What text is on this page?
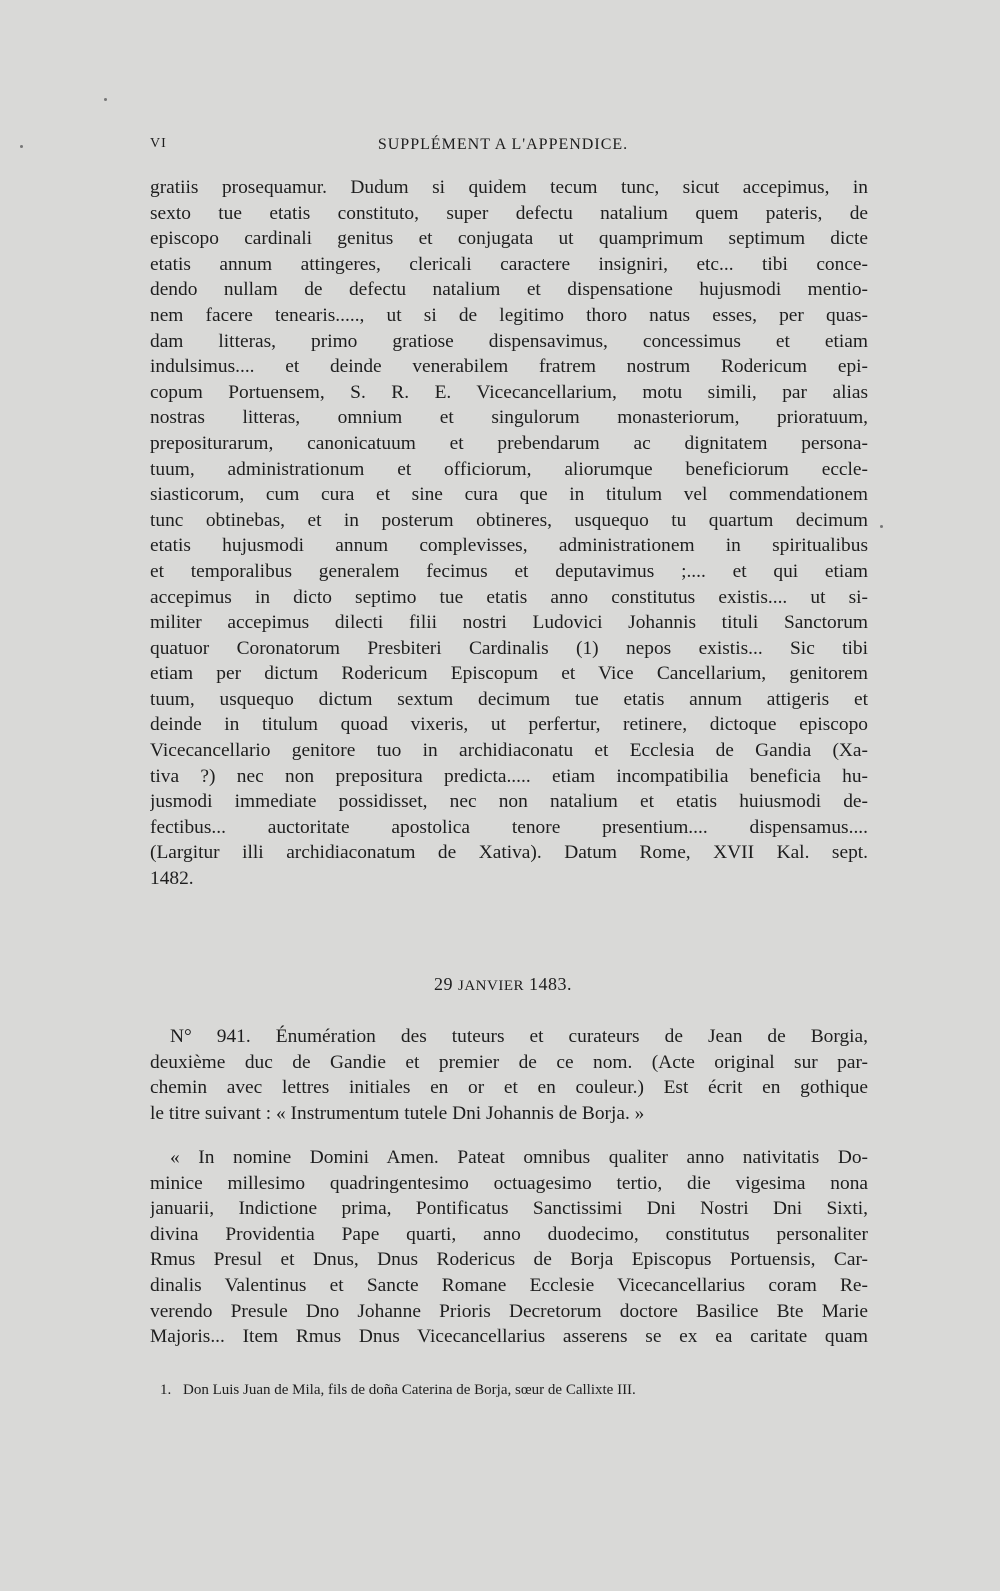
VI	SUPPLÉMENT A L'APPENDICE.
gratiis prosequamur. Dudum si quidem tecum tunc, sicut accepimus, in
sexto tue etatis constituto, super defectu natalium quem pateris, de
episcopo cardinali genitus et conjugata ut quamprimum septimum dicte
etatis annum attingeres, clericali caractere insigniri, etc... tibi conce-
dendo nullam de defectu natalium et dispensatione hujusmodi mentio-
nem facere tenearis....., ut si de legitimo thoro natus esses, per quas-
dam litteras, primo gratiose dispensavimus, concessimus et etiam
indulsimus.... et deinde venerabilem fratrem nostrum Rodericum epi-
copum Portuensem, S. R. E. Vicecancellarium, motu simili, par alias
nostras litteras, omnium et singulorum monasteriorum, prioratuum,
prepositurarum, canonicatuum et prebendarum ac dignitatem persona-
tuum, administrationum et officiorum, aliorumque beneficiorum eccle-
siasticorum, cum cura et sine cura que in titulum vel commendationem
tunc obtinebas, et in posterum obtineres, usquequo tu quartum decimum
etatis hujusmodi annum complevisses, administrationem in spiritualibus
et temporalibus generalem fecimus et deputavimus ;.... et qui etiam
accepimus in dicto septimo tue etatis anno constitutus existis.... ut si-
militer accepimus dilecti filii nostri Ludovici Johannis tituli Sanctorum
quatuor Coronatorum Presbiteri Cardinalis (1) nepos existis... Sic tibi
etiam per dictum Rodericum Episcopum et Vice Cancellarium, genitorem
tuum, usquequo dictum sextum decimum tue etatis annum attigeris et
deinde in titulum quoad vixeris, ut perfertur, retinere, dictoque episcopo
Vicecancellario genitore tuo in archidiaconatu et Ecclesia de Gandia (Xa-
tiva ?) nec non prepositura predicta..... etiam incompatibilia beneficia hu-
jusmodi immediate possidisset, nec non natalium et etatis huiusmodi de-
fectibus... auctoritate apostolica tenore presentium.... dispensamus....
(Largitur illi archidiaconatum de Xativa). Datum Rome, XVII Kal. sept.
1482.
29 JANVIER 1483.
N° 941. Énumération des tuteurs et curateurs de Jean de Borgia,
deuxième duc de Gandie et premier de ce nom. (Acte original sur par-
chemin avec lettres initiales en or et en couleur.) Est écrit en gothique
le titre suivant : « Instrumentum tutele Dni Johannis de Borja. »
« In nomine Domini Amen. Pateat omnibus qualiter anno nativitatis Do-
minice millesimo quadringentesimo octuagesimo tertio, die vigesima nona
januarii, Indictione prima, Pontificatus Sanctissimi Dni Nostri Dni Sixti,
divina Providentia Pape quarti, anno duodecimo, constitutus personaliter
Rmus Presul et Dnus, Dnus Rodericus de Borja Episcopus Portuensis, Car-
dinalis Valentinus et Sancte Romane Ecclesie Vicecancellarius coram Re-
verendo Presule Dno Johanne Prioris Decretorum doctore Basilice Bte Marie
Majoris... Item Rmus Dnus Vicecancellarius asserens se ex ea caritate quam
1. Don Luis Juan de Mila, fils de doña Caterina de Borja, sœur de Callixte III.
